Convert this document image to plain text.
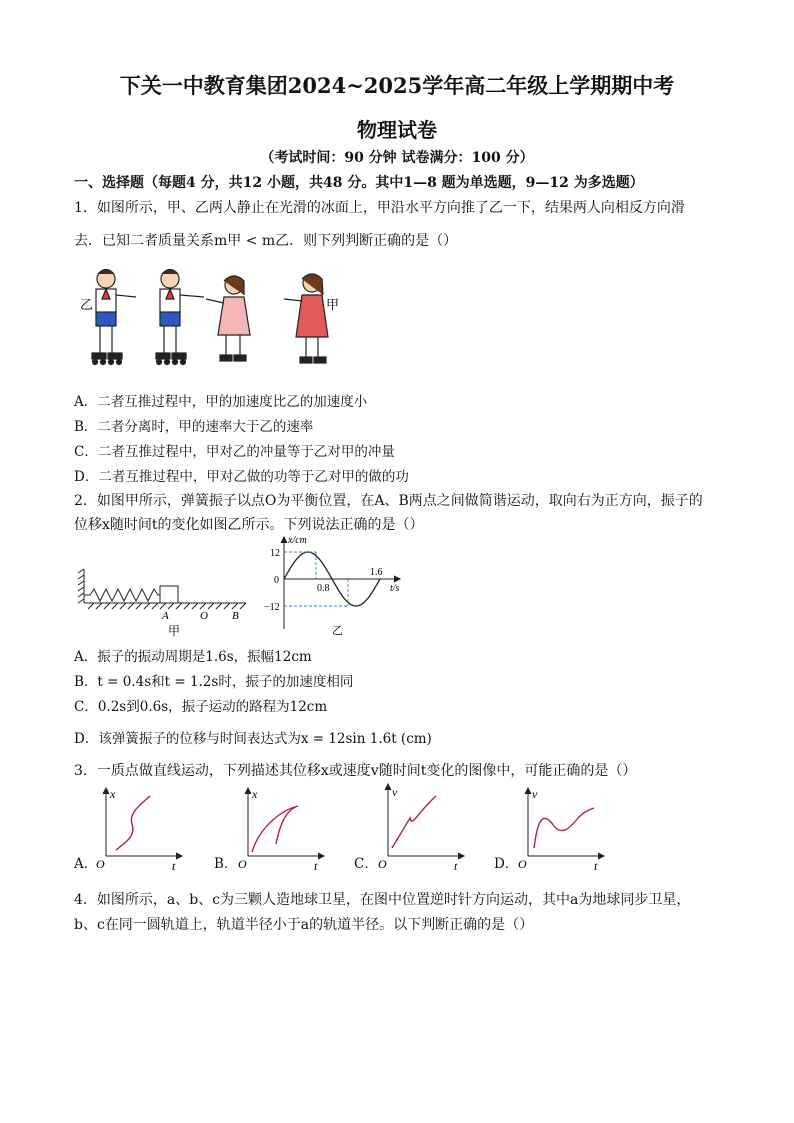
下关一中教育集团2024~2025学年高二年级上学期期中考
物理试卷
（考试时间：90 分钟 试卷满分：100 分）
一、选择题（每题4 分，共12 小题，共48 分。其中1—8 题为单选题，9—12 为多选题）
1．如图所示，甲、乙两人静止在光滑的冰面上，甲沿水平方向推了乙一下，结果两人向相反方向滑
去．已知二者质量关系m甲 < m乙．则下列判断正确的是（）
乙	甲
A．二者互推过程中，甲的加速度比乙的加速度小
B．二者分离时，甲的速率大于乙的速率
C．二者互推过程中，甲对乙的冲量等于乙对甲的冲量
D．二者互推过程中，甲对乙做的功等于乙对甲的做的功
2．如图甲所示，弹簧振子以点O为平衡位置，在A、B两点之间做简谐运动，取向右为正方向，振子的
位移x随时间t的变化如图乙所示。下列说法正确的是（）
A	O B
甲
x/cm
t/s
12
0
−12
0.8
1.6
乙
A．振子的振动周期是1.6s，振幅12cm
B．t = 0.4s和t = 1.2s时，振子的加速度相同
C．0.2s到0.6s，振子运动的路程为12cm
D．该弹簧振子的位移与时间表达式为x = 12sin 1.6t (cm)
3．一质点做直线运动，下列描述其位移x或速度v随时间t变化的图像中，可能正确的是（）
A．
x
t
O	B．
x
t
O	C．
v
t
O	D．
v
t
O
4．如图所示，a、b、c为三颗人造地球卫星，在图中位置逆时针方向运动，其中a为地球同步卫星，
b、c在同一圆轨道上，轨道半径小于a的轨道半径。以下判断正确的是（）
